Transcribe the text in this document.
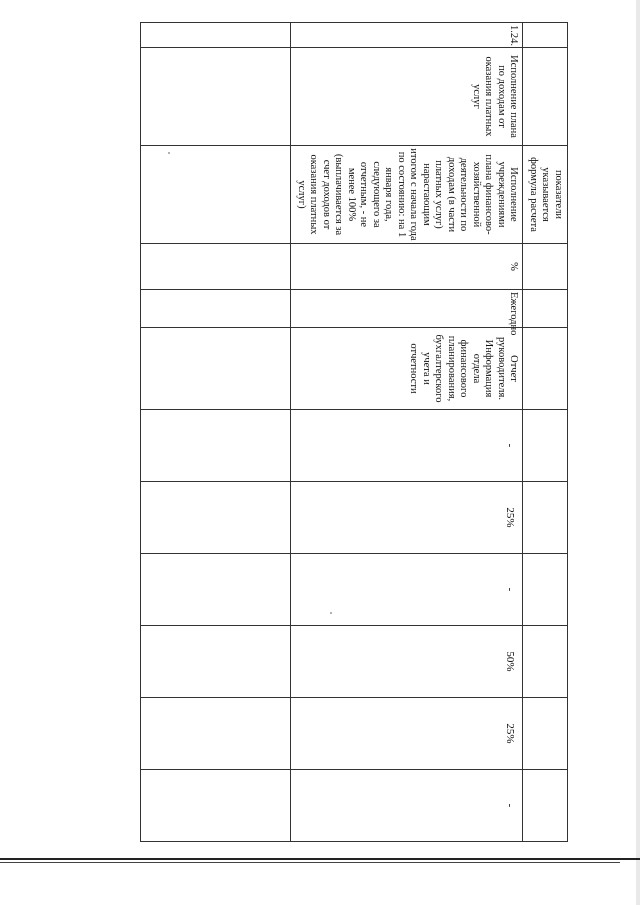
		показатели указывается формула расчета									
1.24.	Исполнение плана по доходам от оказания платных услуг	Исполнение учреждениями плана финансово-хозяйственной деятельности по доходам (в части платных услуг) нарастающим итогом с начала года по состоянию: на 1 января года, следующего за отчетным, - не менее 100% (выплачивается за счет доходов от оказания платных услуг)	%	Ежегодно	Отчет руководителя. Информация отдела финансового планирования, бухгалтерского учета и отчетности	-	25%	-	50%	25%	-
